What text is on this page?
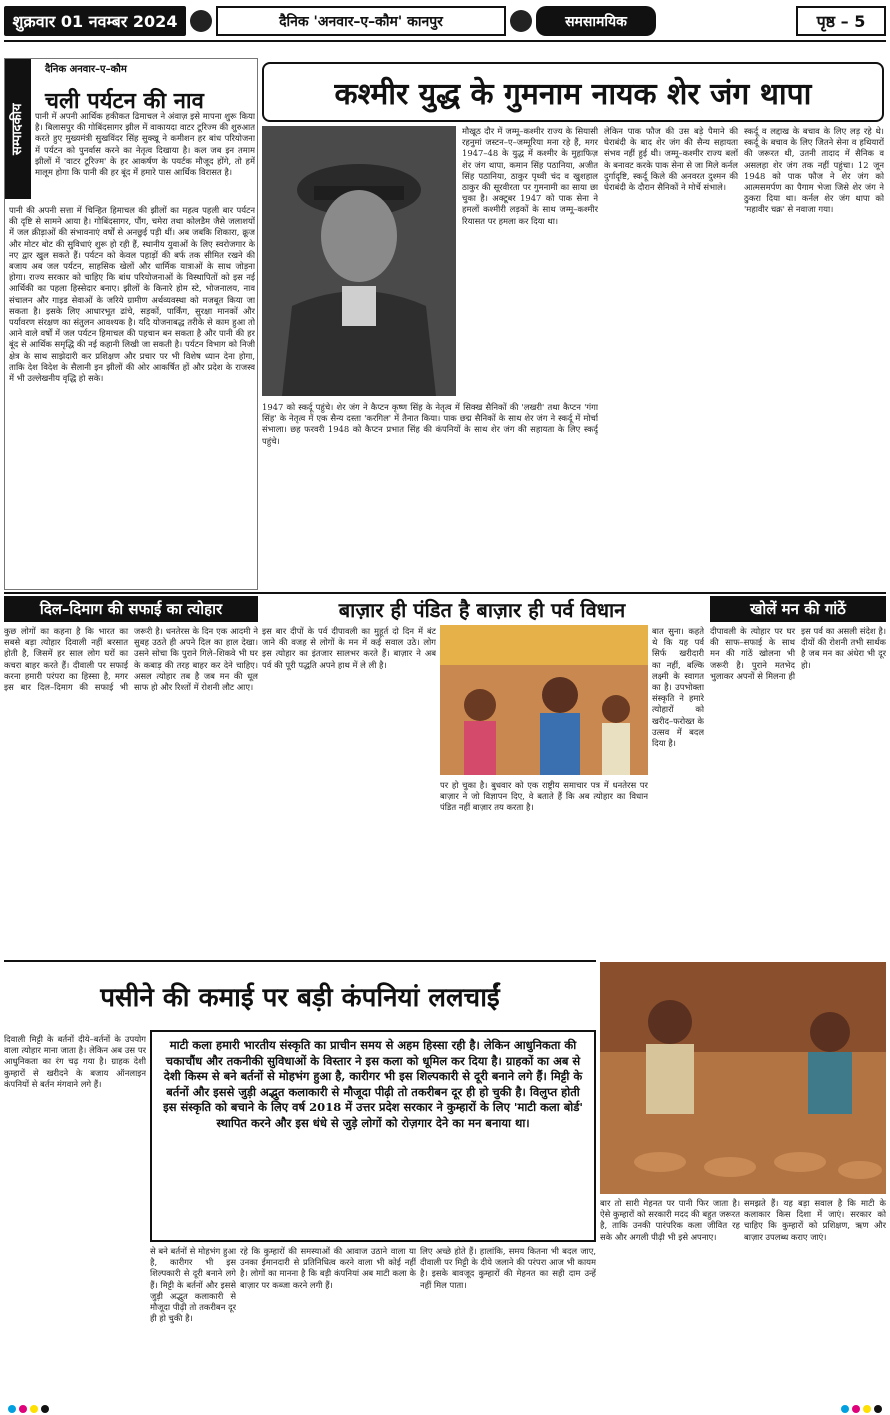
शुक्रवार 01 नवम्बर 2024	दैनिक 'अनवार–ए–कौम' कानपुर	समसामयिक	पृष्ठ – 5
सम्पादकीय
दैनिक अनवार–ए–कौम
चली पर्यटन की नाव
पानी में अपनी आर्थिक हकीकत ढिमाचल ने अंवाज़ इसे मापना शुरू किया है। बिलासपुर की गोबिंदसागर झील में वाकायदा वाटर टूरिज्म की शुरुआत करते हुए मुख्यमंत्री सुखविंदर सिंह सुक्खू ने कमीशन हर बांध परियोजना में पर्यटन को पुनर्वास करने का नेतृत्व दिखाया है। कल जब इन तमाम झीलों में 'वाटर टूरिज्म' के हर आकर्षण के पयर्टक मौजूद होंगे, तो हमें मालूम होगा कि पानी की हर बूंद में हमारे पास आर्थिक विरासत है।
पानी की अपनी सत्ता में चिन्हित हिमाचल की झीलों का महत्व पहली बार पर्यटन की दृष्टि से सामने आया है। गोबिंदसागर, पौंग, चमेरा तथा कोलडैम जैसे जलाशयों में जल क्रीड़ाओं की संभावनाएं वर्षों से अनछुई पड़ी थीं। अब जबकि शिकारा, क्रूज और मोटर बोट की सुविधाएं शुरू हो रही हैं, स्थानीय युवाओं के लिए स्वरोजगार के नए द्वार खुल सकते हैं। पर्यटन को केवल पहाड़ों की बर्फ तक सीमित रखने की बजाय अब जल पर्यटन, साहसिक खेलों और धार्मिक यात्राओं के साथ जोड़ना होगा। राज्य सरकार को चाहिए कि बांध परियोजनाओं के विस्थापितों को इस नई आर्थिकी का पहला हिस्सेदार बनाए। झीलों के किनारे होम स्टे, भोजनालय, नाव संचालन और गाइड सेवाओं के जरिये ग्रामीण अर्थव्यवस्था को मजबूत किया जा सकता है। इसके लिए आधारभूत ढांचे, सड़कों, पार्किंग, सुरक्षा मानकों और पर्यावरण संरक्षण का संतुलन आवश्यक है। यदि योजनाबद्ध तरीके से काम हुआ तो आने वाले वर्षों में जल पर्यटन हिमाचल की पहचान बन सकता है और पानी की हर बूंद से आर्थिक समृद्धि की नई कहानी लिखी जा सकती है। पर्यटन विभाग को निजी क्षेत्र के साथ साझेदारी कर प्रशिक्षण और प्रचार पर भी विशेष ध्यान देना होगा, ताकि देश विदेश के सैलानी इन झीलों की ओर आकर्षित हों और प्रदेश के राजस्व में भी उल्लेखनीय वृद्धि हो सके।
कश्मीर युद्ध के गुमनाम नायक शेर जंग थापा
मौखूठ दौर में जम्मू–कश्मीर राज्य के सियासी रहनुमां जस्टन–ए–जम्मूरिया मना रहे हैं, मगर 1947–48 के युद्ध में कश्मीर के मुहाफिज़ शेर जंग थापा, कमान सिंह पठानिया, अजीत सिंह पठानिया, ठाकुर पृथ्वी चंद व खुशहाल ठाकुर की सूरवीरता पर गुमनामी का साया छा चुका है। अक्टूबर 1947 को पाक सेना ने हमलों कश्मीरी लड़कों के साथ जम्मू–कश्मीर रियासत पर हमला कर दिया था।
1947 को स्कर्दू पहुंचे। शेर जंग ने कैप्टन कृष्ण सिंह के नेतृत्व में सिक्ख सैनिकों की 'लखरी' तथा कैप्टन 'गंगा सिंह' के नेतृत्व में एक सैन्य दस्ता 'करगिल' में तैनात किया। पाक छद्म सैनिकों के साथ शेर जंग ने स्कर्दू में मोर्चा संभाला। छह फरवरी 1948 को कैप्टन प्रभात सिंह की कंपनियों के साथ शेर जंग की सहायता के लिए स्कर्दू पहुंचे।
लेकिन पाक फौज की उस बड़े पैमाने की घेराबंदी के बाद शेर जंग की सैन्य सहायता संभव नहीं हुई थी। जम्मू–कश्मीर राज्य बलों के बनावट करके पाक सेना से जा मिले कर्नल दुर्गादृष्टि, स्कर्दू किले की अनवरत दुश्मन की घेराबंदी के दौरान सैनिकों ने मोर्चे संभाले।
स्कर्दू व लद्दाख के बचाव के लिए लड़ रहे थे। स्कर्दू के बचाव के लिए जितने सेना व हथियारों की जरूरत थी, उतनी तादाद में सैनिक व असलहा शेर जंग तक नहीं पहुंचा। 12 जून 1948 को पाक फौज ने शेर जंग को आत्मसमर्पण का पैगाम भेजा जिसे शेर जंग ने ठुकरा दिया था। कर्नल शेर जंग थापा को 'महावीर चक्र' से नवाजा गया।
दिल–दिमाग की सफाई का त्योहार
कुछ लोगों का कहना है कि भारत का सबसे बड़ा त्योहार दिवाली नहीं बरसात होती है, जिसमें हर साल लोग घरों का कचरा बाहर करते हैं। दीवाली पर सफाई करना हमारी परंपरा का हिस्सा है, मगर इस बार दिल–दिमाग की सफाई भी जरूरी है। धनतेरस के दिन एक आदमी ने सुबह उठते ही अपने दिल का हाल देखा। उसने सोचा कि पुराने गिले–शिकवे भी घर के कबाड़ की तरह बाहर कर देने चाहिए। असल त्योहार तब है जब मन की धूल साफ हो और रिश्तों में रोशनी लौट आए।
बाज़ार ही पंडित है बाज़ार ही पर्व विधान
इस बार दीपों के पर्व दीपावली का मुहूर्त दो दिन में बंट जाने की वजह से लोगों के मन में कई सवाल उठे। लोग इस त्योहार का इंतजार सालभर करते हैं। बाज़ार ने अब पर्व की पूरी पद्धति अपने हाथ में ले ली है।
पर हो चुका है। बुधवार को एक राष्ट्रीय समाचार पत्र में धनतेरस पर बाज़ार ने जो विज्ञापन दिए, वे बताते हैं कि अब त्योहार का विधान पंडित नहीं बाज़ार तय करता है।
बात सुना। कहते थे कि यह पर्व सिर्फ खरीदारी का नहीं, बल्कि लक्ष्मी के स्वागत का है। उपभोक्ता संस्कृति ने हमारे त्योहारों को खरीद–फरोख्त के उत्सव में बदल दिया है।
खोलें मन की गांठें
दीपावली के त्योहार पर घर की साफ–सफाई के साथ मन की गांठें खोलना भी जरूरी है। पुराने मतभेद भुलाकर अपनों से मिलना ही इस पर्व का असली संदेश है। दीयों की रोशनी तभी सार्थक है जब मन का अंधेरा भी दूर हो।
पसीने की कमाई पर बड़ी कंपनियां ललचाईं
दिवाली मिट्टी के बर्तनों दीये–बर्तनों के उपयोग वाला त्योहार माना जाता है। लेकिन अब उस पर आधुनिकता का रंग चढ़ गया है। ग्राहक देशी कुम्हारों से खरीदने के बजाय ऑनलाइन कंपनियों से बर्तन मंगवाने लगे हैं।
माटी कला हमारी भारतीय संस्कृति का प्राचीन समय से अहम हिस्सा रही है। लेकिन आधुनिकता की चकाचौंध और तकनीकी सुविधाओं के विस्तार ने इस कला को धूमिल कर दिया है। ग्राहकों का अब से देशी किस्म से बने बर्तनों से मोहभंग हुआ है, कारीगर भी इस शिल्पकारी से दूरी बनाने लगे हैं। मिट्टी के बर्तनों और इससे जुड़ी अद्भुत कलाकारी से मौजूदा पीढ़ी तो तकरीबन दूर ही हो चुकी है। विलुप्त होती इस संस्कृति को बचाने के लिए वर्ष 2018 में उत्तर प्रदेश सरकार ने कुम्हारों के लिए 'माटी कला बोर्ड' स्थापित करने और इस धंधे से जुड़े लोगों को रोज़गार देने का मन बनाया था।
से बने बर्तनों से मोहभंग हुआ है, कारीगर भी इस शिल्पकारी से दूरी बनाने लगे हैं। मिट्टी के बर्तनों और इससे जुड़ी अद्भुत कलाकारी से मौजूदा पीढ़ी तो तकरीबन दूर ही हो चुकी है।
रहे कि कुम्हारों की समस्याओं की आवाज उठाने वाला या उनका ईमानदारी से प्रतिनिधित्व करने वाला भी कोई नहीं है। लोगों का मानना है कि बड़ी कंपनियां अब माटी कला के बाज़ार पर कब्जा करने लगी हैं।
लिए अच्छे होते हैं। हालांकि, समय कितना भी बदल जाए, दीवाली पर मिट्टी के दीये जलाने की परंपरा आज भी कायम है। इसके बावजूद कुम्हारों की मेहनत का सही दाम उन्हें नहीं मिल पाता।
बार तो सारी मेहनत पर पानी फिर जाता है। ऐसे कुम्हारों को सरकारी मदद की बहुत जरूरत है, ताकि उनकी पारंपरिक कला जीवित रह सके और अगली पीढ़ी भी इसे अपनाए।
समझते हैं। यह बड़ा सवाल है कि माटी के कलाकार किस दिशा में जाएं। सरकार को चाहिए कि कुम्हारों को प्रशिक्षण, ऋण और बाज़ार उपलब्ध कराए जाएं।
